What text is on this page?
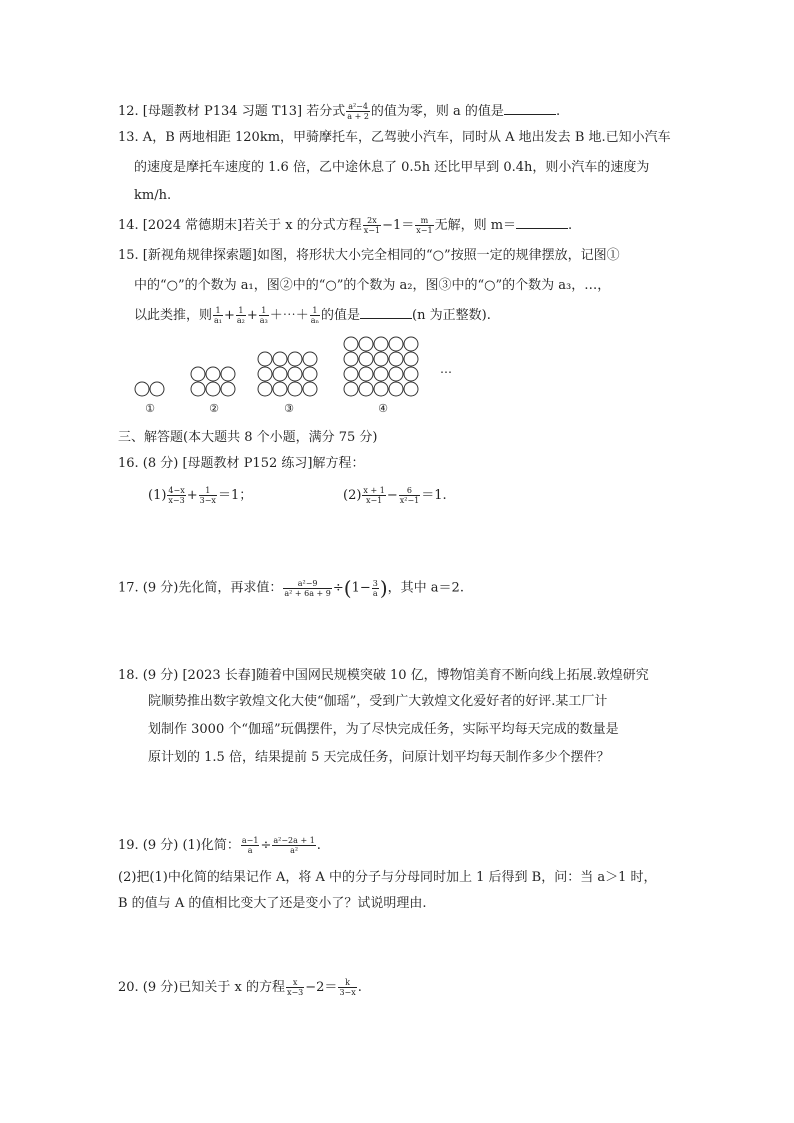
12. [母题教材 P134 习题 T13] 若分式 $\frac{\text{a²−4}}{a + 2}$ 的值为零，则 a 的值是	.
13. A，B 两地相距 120km，甲骑摩托车，乙驾驶小汽车，同时从 A 地出发去 B 地.已知小汽车
的速度是摩托车速度的 1.6 倍，乙中途休息了 0.5h 还比甲早到 0.4h，则小汽车的速度为
km/h.
14. [2024 常德期末]若关于 x 的分式方程 $\frac{2x}{x-1} -1= \frac{m}{x-1}$ 无解，则 m＝	.
15. [新视角规律探索题]如图，将形状大小完全相同的“○”按照一定的规律摆放，记图①
中的“○”的个数为 a₁，图②中的“○”的个数为 a₂，图③中的“○”的个数为 a₃，…，
以此类推，则 $\frac{1}{\text{a₁}} + \frac{1}{\text{a₂}} + \frac{1}{\text{a₃}}$ ＋⋯＋ $\frac{1}{\text{aₙ}}$ 的值是	(n 为正整数).
①	②	③	④
…
三、解答题(本大题共 8 个小题，满分 75 分)
16. (8 分) [母题教材 P152 练习]解方程：
$(1) \frac{4-x}{x-3} + \frac{1}{3-x} =1$；	$(2) \frac{x + 1}{x-1} - \frac{6}{\text{x²−1}} =1$.
17. (9 分)先化简，再求值： $\frac{\text{a²−9}}{\text{a² + 6a + 9}} \div(1- \frac{3}{a}$ )，其中 a＝2.
18. (9 分) [2023 长春]随着中国网民规模突破 10 亿，博物馆美育不断向线上拓展.敦煌研究
院顺势推出数字敦煌文化大使“伽瑶”，受到广大敦煌文化爱好者的好评.某工厂计
划制作 3000 个“伽瑶”玩偶摆件，为了尽快完成任务，实际平均每天完成的数量是
原计划的 1.5 倍，结果提前 5 天完成任务，问原计划平均每天制作多少个摆件？
19. (9 分) (1)化简： $\frac{a-1}{a} \div \frac{\text{a²−2a + 1}}{\text{a²}}$ .
(2)把(1)中化简的结果记作 A，将 A 中的分子与分母同时加上 1 后得到 B，问：当 a＞1 时，
B 的值与 A 的值相比变大了还是变小了？试说明理由.
20. (9 分)已知关于 x 的方程 $\frac{x}{x-3} -2= \frac{k}{3-x}$ .
